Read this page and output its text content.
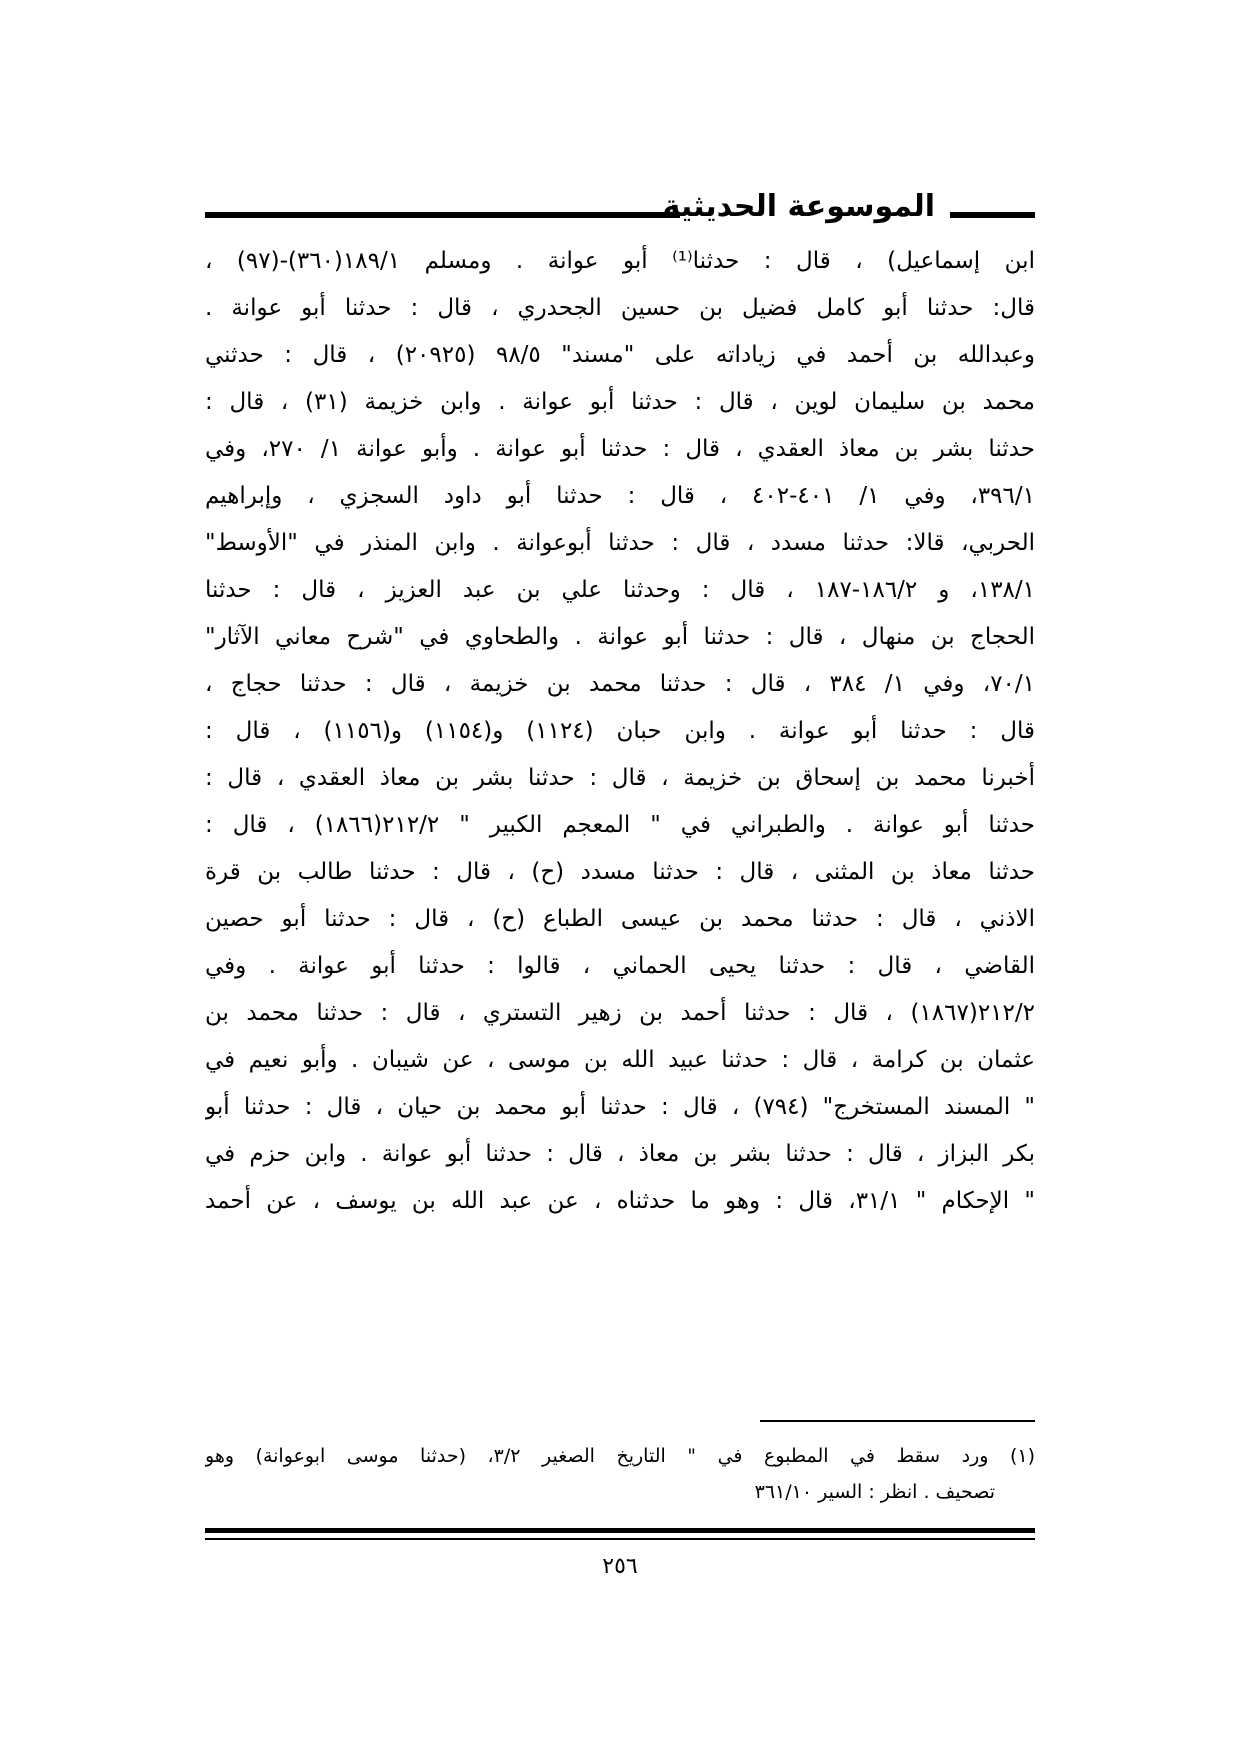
الموسوعة الحديثية
ابن إسماعيل) ، قال : حدثنا⁽¹⁾ أبو عوانة . ومسلم ١٨٩/١(٣٦٠)-(٩٧) ،
قال: حدثنا أبو كامل فضيل بن حسين الجحدري ، قال : حدثنا أبو عوانة .
وعبدالله بن أحمد في زياداته على "مسند" ٩٨/٥ (٢٠٩٢٥) ، قال : حدثني
محمد بن سليمان لوين ، قال : حدثنا أبو عوانة . وابن خزيمة (٣١) ، قال :
حدثنا بشر بن معاذ العقدي ، قال : حدثنا أبو عوانة . وأبو عوانة ١/ ٢٧٠، وفي
٣٩٦/١، وفي ١/ ٤٠١-٤٠٢ ، قال : حدثنا أبو داود السجزي ، وإبراهيم
الحربي، قالا: حدثنا مسدد ، قال : حدثنا أبوعوانة . وابن المنذر في "الأوسط"
١٣٨/١، و ١٨٦/٢-١٨٧ ، قال : وحدثنا علي بن عبد العزيز ، قال : حدثنا
الحجاج بن منهال ، قال : حدثنا أبو عوانة . والطحاوي في "شرح معاني الآثار"
٧٠/١، وفي ١/ ٣٨٤ ، قال : حدثنا محمد بن خزيمة ، قال : حدثنا حجاج ،
قال : حدثنا أبو عوانة . وابن حبان (١١٢٤) و(١١٥٤) و(١١٥٦) ، قال :
أخبرنا محمد بن إسحاق بن خزيمة ، قال : حدثنا بشر بن معاذ العقدي ، قال :
حدثنا أبو عوانة . والطبراني في " المعجم الكبير " ٢١٢/٢(١٨٦٦) ، قال :
حدثنا معاذ بن المثنى ، قال : حدثنا مسدد (ح) ، قال : حدثنا طالب بن قرة
الاذني ، قال : حدثنا محمد بن عيسى الطباع (ح) ، قال : حدثنا أبو حصين
القاضي ، قال : حدثنا يحيى الحماني ، قالوا : حدثنا أبو عوانة . وفي
٢١٢/٢(١٨٦٧) ، قال : حدثنا أحمد بن زهير التستري ، قال : حدثنا محمد بن
عثمان بن كرامة ، قال : حدثنا عبيد الله بن موسى ، عن شيبان . وأبو نعيم في
" المسند المستخرج" (٧٩٤) ، قال : حدثنا أبو محمد بن حيان ، قال : حدثنا أبو
بكر البزاز ، قال : حدثنا بشر بن معاذ ، قال : حدثنا أبو عوانة . وابن حزم في
" الإحكام " ٣١/١، قال : وهو ما حدثناه ، عن عبد الله بن يوسف ، عن أحمد
(١) ورد سقط في المطبوع في " التاريخ الصغير ٣/٢، (حدثنا موسى ابوعوانة) وهو
تصحيف . انظر : السير ٣٦١/١٠
٢٥٦
